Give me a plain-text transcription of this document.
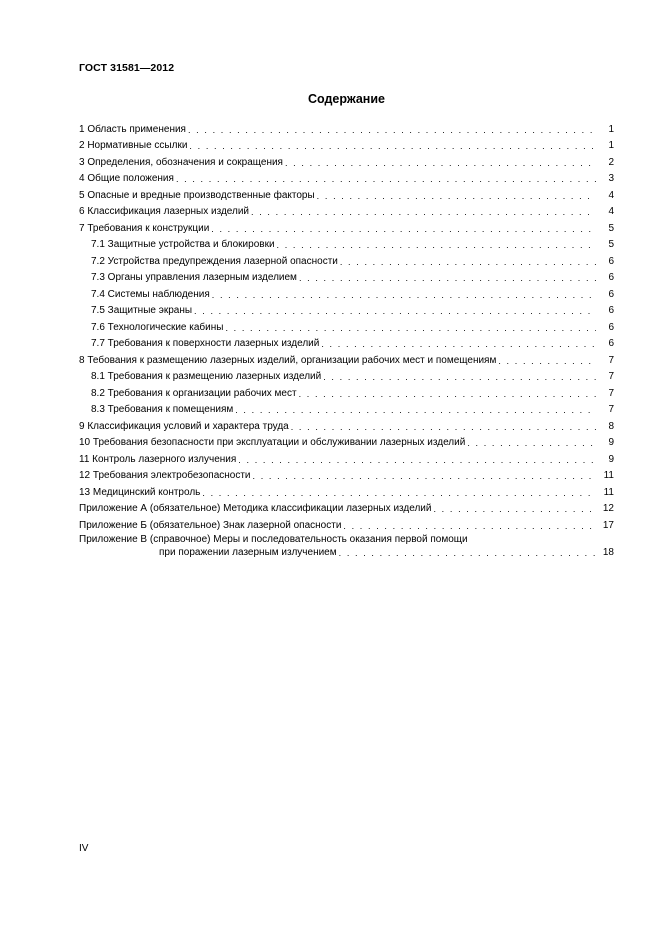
ГОСТ 31581—2012
Содержание
1 Область применения . . .	1
2 Нормативные ссылки . . .	1
3 Определения, обозначения и сокращения . . .	2
4 Общие положения . . .	3
5 Опасные и вредные производственные факторы . . .	4
6 Классификация лазерных изделий . . .	4
7 Требования к конструкции . . .	5
7.1 Защитные устройства и блокировки . . .	5
7.2 Устройства предупреждения лазерной опасности . . .	6
7.3 Органы управления лазерным изделием . . .	6
7.4 Системы наблюдения . . .	6
7.5 Защитные экраны . . .	6
7.6 Технологические кабины . . .	6
7.7 Требования к поверхности лазерных изделий . . .	6
8 Тебования к размещению лазерных изделий, организации рабочих мест и помещениям . . .	7
8.1 Требования к размещению лазерных изделий . . .	7
8.2 Требования к организации рабочих мест . . .	7
8.3 Требования к помещениям . . .	7
9 Классификация условий и характера труда . . .	8
10 Требования безопасности при эксплуатации и обслуживании лазерных изделий . . .	9
11 Контроль лазерного излучения . . .	9
12 Требования электробезопасности . . .	11
13 Медицинский контроль . . .	11
Приложение А (обязательное) Методика классификации лазерных изделий . . .	12
Приложение Б (обязательное) Знак лазерной опасности . . .	17
Приложение В (справочное) Меры и последовательность оказания первой помощи
при поражении лазерным излучением . . .	18
IV
